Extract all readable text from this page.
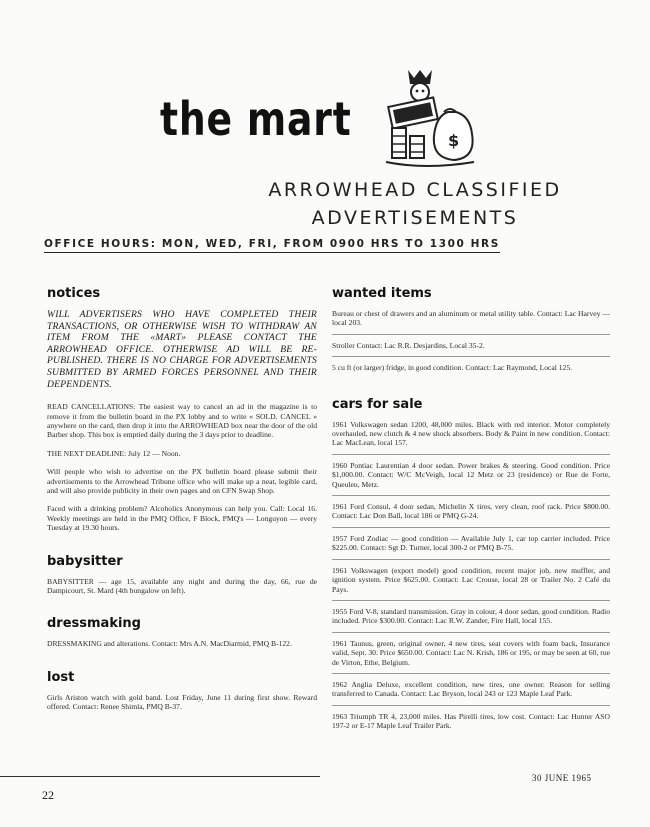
the mart	$
ARROWHEAD CLASSIFIED
ADVERTISEMENTS
OFFICE HOURS: MON, WED, FRI, FROM 0900 HRS TO 1300 HRS
notices

WILL ADVERTISERS WHO HAVE COMPLETED THEIR TRANSACTIONS, OR OTHERWISE WISH TO WITHDRAW AN ITEM FROM THE «MART» PLEASE CONTACT THE ARROWHEAD OFFICE. OTHERWISE AD WILL BE RE-PUBLISHED. THERE IS NO CHARGE FOR ADVERTISEMENTS SUBMITTED BY ARMED FORCES PERSONNEL AND THEIR DEPENDENTS.

READ CANCELLATIONS: The easiest way to cancel an ad in the magazine is to remove it from the bulletin board in the PX lobby and to write « SOLD. CANCEL » anywhere on the card, then drop it into the ARROWHEAD box near the door of the old Barber shop. This box is emptied daily during the 3 days prior to deadline.

THE NEXT DEADLINE: July 12 — Noon.

Will people who wish to advertise on the PX bulletin board please submit their advertisements to the Arrowhead Tribune office who will make up a neat, legible card, and will also provide publicity in their own pages and on CFN Swap Shop.

Faced with a drinking problem? Alcoholics Anonymous can help you. Call: Local 16. Weekly meetings are held in the PMQ Office, F Block, PMQ's — Longuyon — every Tuesday at 19.30 hours.

babysitter

BABYSITTER — age 15, available any night and during the day, 66, rue de Dampicourt, St. Mard (4th bungalow on left).

dressmaking

DRESSMAKING and alterations. Contact: Mrs A.N. MacDiarmid, PMQ B-122.

lost

Girls Ariston watch with gold band. Lost Friday, June 11 during first show. Reward offered. Contact: Renee Shimla, PMQ B-37.

wanted items
Bureau or chest of drawers and an aluminum or metal utility table. Contact: Lac Harvey — local 203.
Stroller Contact: Lac R.R. Desjardins, Local 35-2.
5 cu ft (or larger) fridge, in good condition. Contact: Lac Raymond, Local 125.
cars for sale
1961 Volkswagen sedan 1200, 48,000 miles. Black with red interior. Motor completely overhauled, new clutch & 4 new shock absorbers. Body & Paint in new condition. Contact: Lac MacLean, local 157.
1960 Pontiac Laurentian 4 door sedan. Power brakes & steering. Good condition. Price $1,000.00. Contact: W/C McVeigh, local 12 Metz or 23 (residence) or Rue de Forte, Queuleu, Metz.
1961 Ford Consul, 4 door sedan, Michelin X tires, very clean, roof rack. Price $800.00. Contact: Lac Don Ball, local 186 or PMQ G-24.
1957 Ford Zodiac — good condition — Available July 1, car top carrier included. Price $225.00. Contact: Sgt D. Turner, local 300-2 or PMQ B-75.
1961 Volkswagen (export model) good condition, recent major job, new muffler, and ignition system. Price $625.00. Contact: Lac Crouse, local 28 or Trailer No. 2 Café du Pays.
1955 Ford V-8, standard transmission. Gray in colour, 4 door sedan, good condition. Radio included. Price $300.00. Contact: Lac R.W. Zander, Fire Hall, local 155.
1961 Taunus, green, original owner, 4 new tires, seat covers with foam back, Insurance valid, Sept. 30. Price $650.00. Contact: Lac N. Krish, 186 or 195, or may be seen at 60, rue de Virton, Ethe, Belgium.
1962 Anglia Deluxe, excellent condition, new tires, one owner. Reason for selling transferred to Canada. Contact: Lac Bryson, local 243 or 123 Maple Leaf Park.
1963 Triumph TR 4, 23,000 miles. Has Pirelli tires, low cost. Contact: Lac Hunter ASO 197-2 or E-17 Maple Leaf Trailer Park.
22
30 JUNE 1965
